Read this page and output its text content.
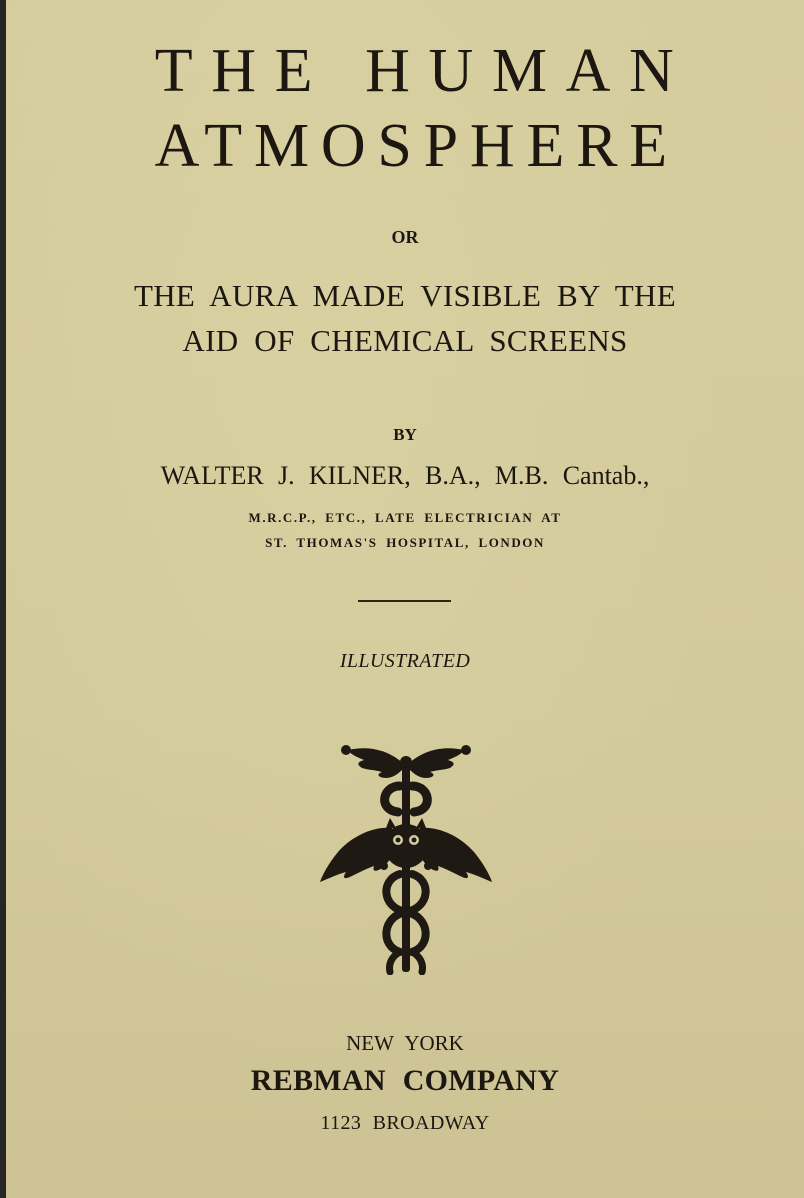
THE HUMAN
ATMOSPHERE
OR
THE AURA MADE VISIBLE BY THE
AID OF CHEMICAL SCREENS
BY
WALTER J. KILNER, B.A., M.B. Cantab.,
M.R.C.P., ETC., LATE ELECTRICIAN AT
ST. THOMAS'S HOSPITAL, LONDON
ILLUSTRATED
NEW YORK
REBMAN COMPANY
1123 BROADWAY
